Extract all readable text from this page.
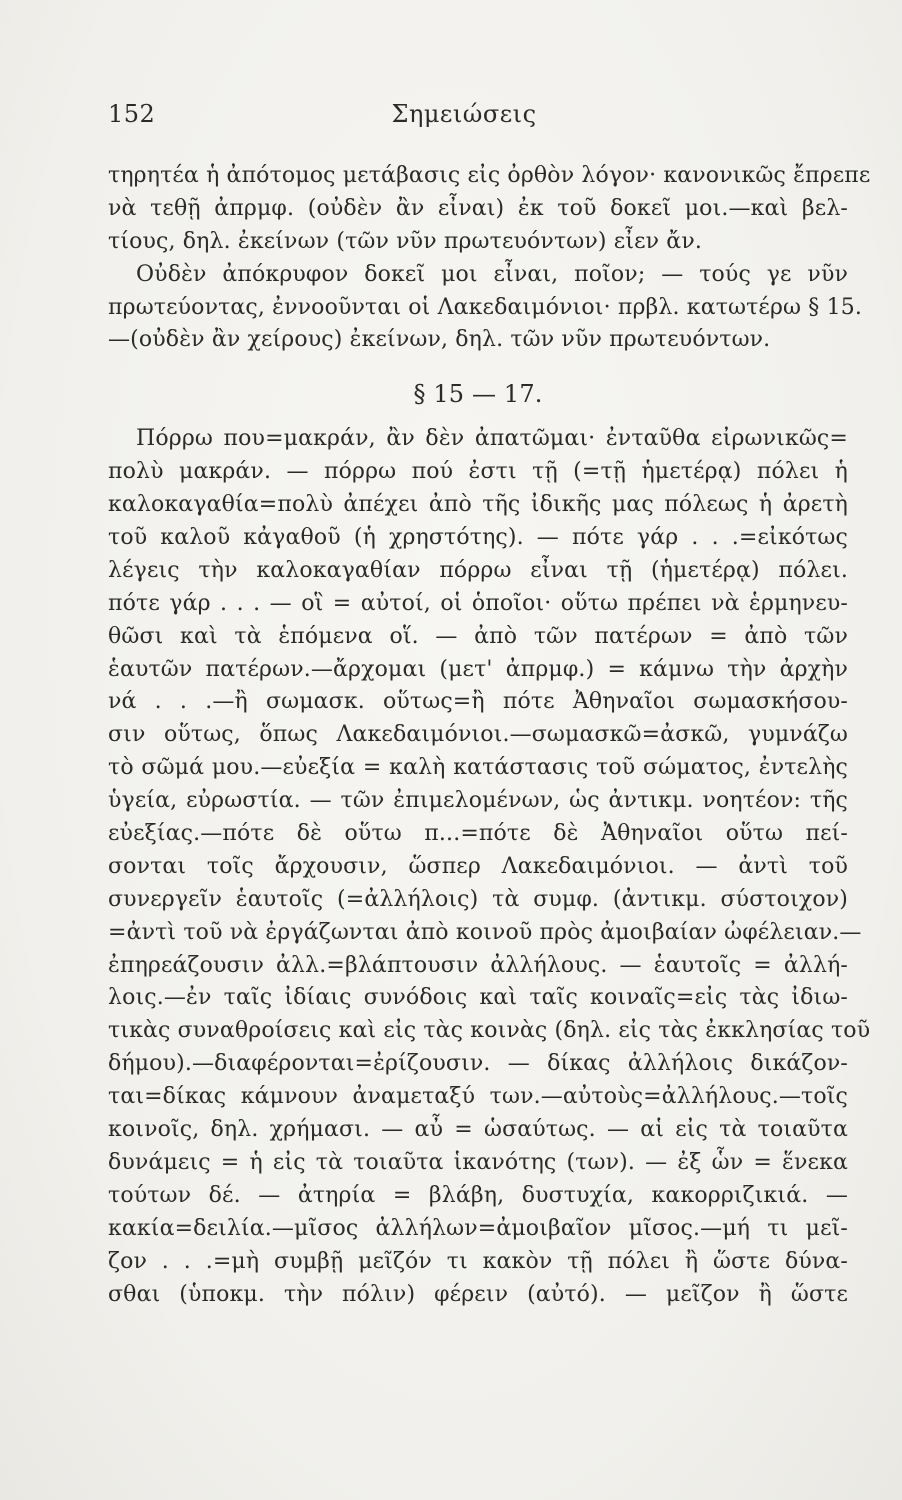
152	Σημειώσεις
τηρητέα ἡ ἀπότομος μετάβασις εἰς ὀρθὸν λόγον· κανονικῶς ἔπρεπε
νὰ τεθῇ ἀπρμφ. (οὐδὲν ἂν εἶναι) ἐκ τοῦ δοκεῖ μοι.—καὶ βελ-
τίους, δηλ. ἐκείνων (τῶν νῦν πρωτευόντων) εἶεν ἄν.
Οὐδὲν ἀπόκρυφον δοκεῖ μοι εἶναι, ποῖον; — τούς γε νῦν
πρωτεύοντας, ἐννοοῦνται οἱ Λακεδαιμόνιοι· πρβλ. κατωτέρω § 15.
—(οὐδὲν ἂν χείρους) ἐκείνων, δηλ. τῶν νῦν πρωτευόντων.
§ 15 — 17.
Πόρρω που=μακράν, ἂν δὲν ἀπατῶμαι· ἐνταῦθα εἰρωνικῶς=
πολὺ μακράν. — πόρρω πού ἐστι τῇ (=τῇ ἡμετέρᾳ) πόλει ἡ
καλοκαγαθία=πολὺ ἀπέχει ἀπὸ τῆς ἰδικῆς μας πόλεως ἡ ἀρετὴ
τοῦ καλοῦ κἀγαθοῦ (ἡ χρηστότης). — πότε γάρ . . .=εἰκότως
λέγεις τὴν καλοκαγαθίαν πόρρω εἶναι τῇ (ἡμετέρᾳ) πόλει.
πότε γάρ . . . — οἳ = αὐτοί, οἱ ὁποῖοι· οὕτω πρέπει νὰ ἑρμηνευ-
θῶσι καὶ τὰ ἑπόμενα οἵ. — ἀπὸ τῶν πατέρων = ἀπὸ τῶν
ἑαυτῶν πατέρων.—ἄρχομαι (μετ' ἀπρμφ.) = κάμνω τὴν ἀρχὴν
νά . . .—ἢ σωμασκ. οὕτως=ἢ πότε Ἀθηναῖοι σωμασκήσου-
σιν οὕτως, ὅπως Λακεδαιμόνιοι.—σωμασκῶ=ἀσκῶ, γυμνάζω
τὸ σῶμά μου.—εὐεξία = καλὴ κατάστασις τοῦ σώματος, ἐντελὴς
ὑγεία, εὐρωστία. — τῶν ἐπιμελομένων, ὡς ἀντικμ. νοητέον: τῆς
εὐεξίας.—πότε δὲ οὕτω π...=πότε δὲ Ἀθηναῖοι οὕτω πεί-
σονται τοῖς ἄρχουσιν, ὥσπερ Λακεδαιμόνιοι. — ἀντὶ τοῦ
συνεργεῖν ἑαυτοῖς (=ἀλλήλοις) τὰ συμφ. (ἀντικμ. σύστοιχον)
=ἀντὶ τοῦ νὰ ἐργάζωνται ἀπὸ κοινοῦ πρὸς ἀμοιβαίαν ὠφέλειαν.—
ἐπηρεάζουσιν ἀλλ.=βλάπτουσιν ἀλλήλους. — ἑαυτοῖς = ἀλλή-
λοις.—ἐν ταῖς ἰδίαις συνόδοις καὶ ταῖς κοιναῖς=εἰς τὰς ἰδιω-
τικὰς συναθροίσεις καὶ εἰς τὰς κοινὰς (δηλ. εἰς τὰς ἐκκλησίας τοῦ
δήμου).—διαφέρονται=ἐρίζουσιν. — δίκας ἀλλήλοις δικάζον-
ται=δίκας κάμνουν ἀναμεταξύ των.—αὐτοὺς=ἀλλήλους.—τοῖς
κοινοῖς, δηλ. χρήμασι. — αὖ = ὡσαύτως. — αἱ εἰς τὰ τοιαῦτα
δυνάμεις = ἡ εἰς τὰ τοιαῦτα ἱκανότης (των). — ἐξ ὧν = ἕνεκα
τούτων δέ. — ἀτηρία = βλάβη, δυστυχία, κακορριζικιά. —
κακία=δειλία.—μῖσος ἀλλήλων=ἀμοιβαῖον μῖσος.—μή τι μεῖ-
ζον . . .=μὴ συμβῇ μεῖζόν τι κακὸν τῇ πόλει ἢ ὥστε δύνα-
σθαι (ὑποκμ. τὴν πόλιν) φέρειν (αὐτό). — μεῖζον ἢ ὥστε
